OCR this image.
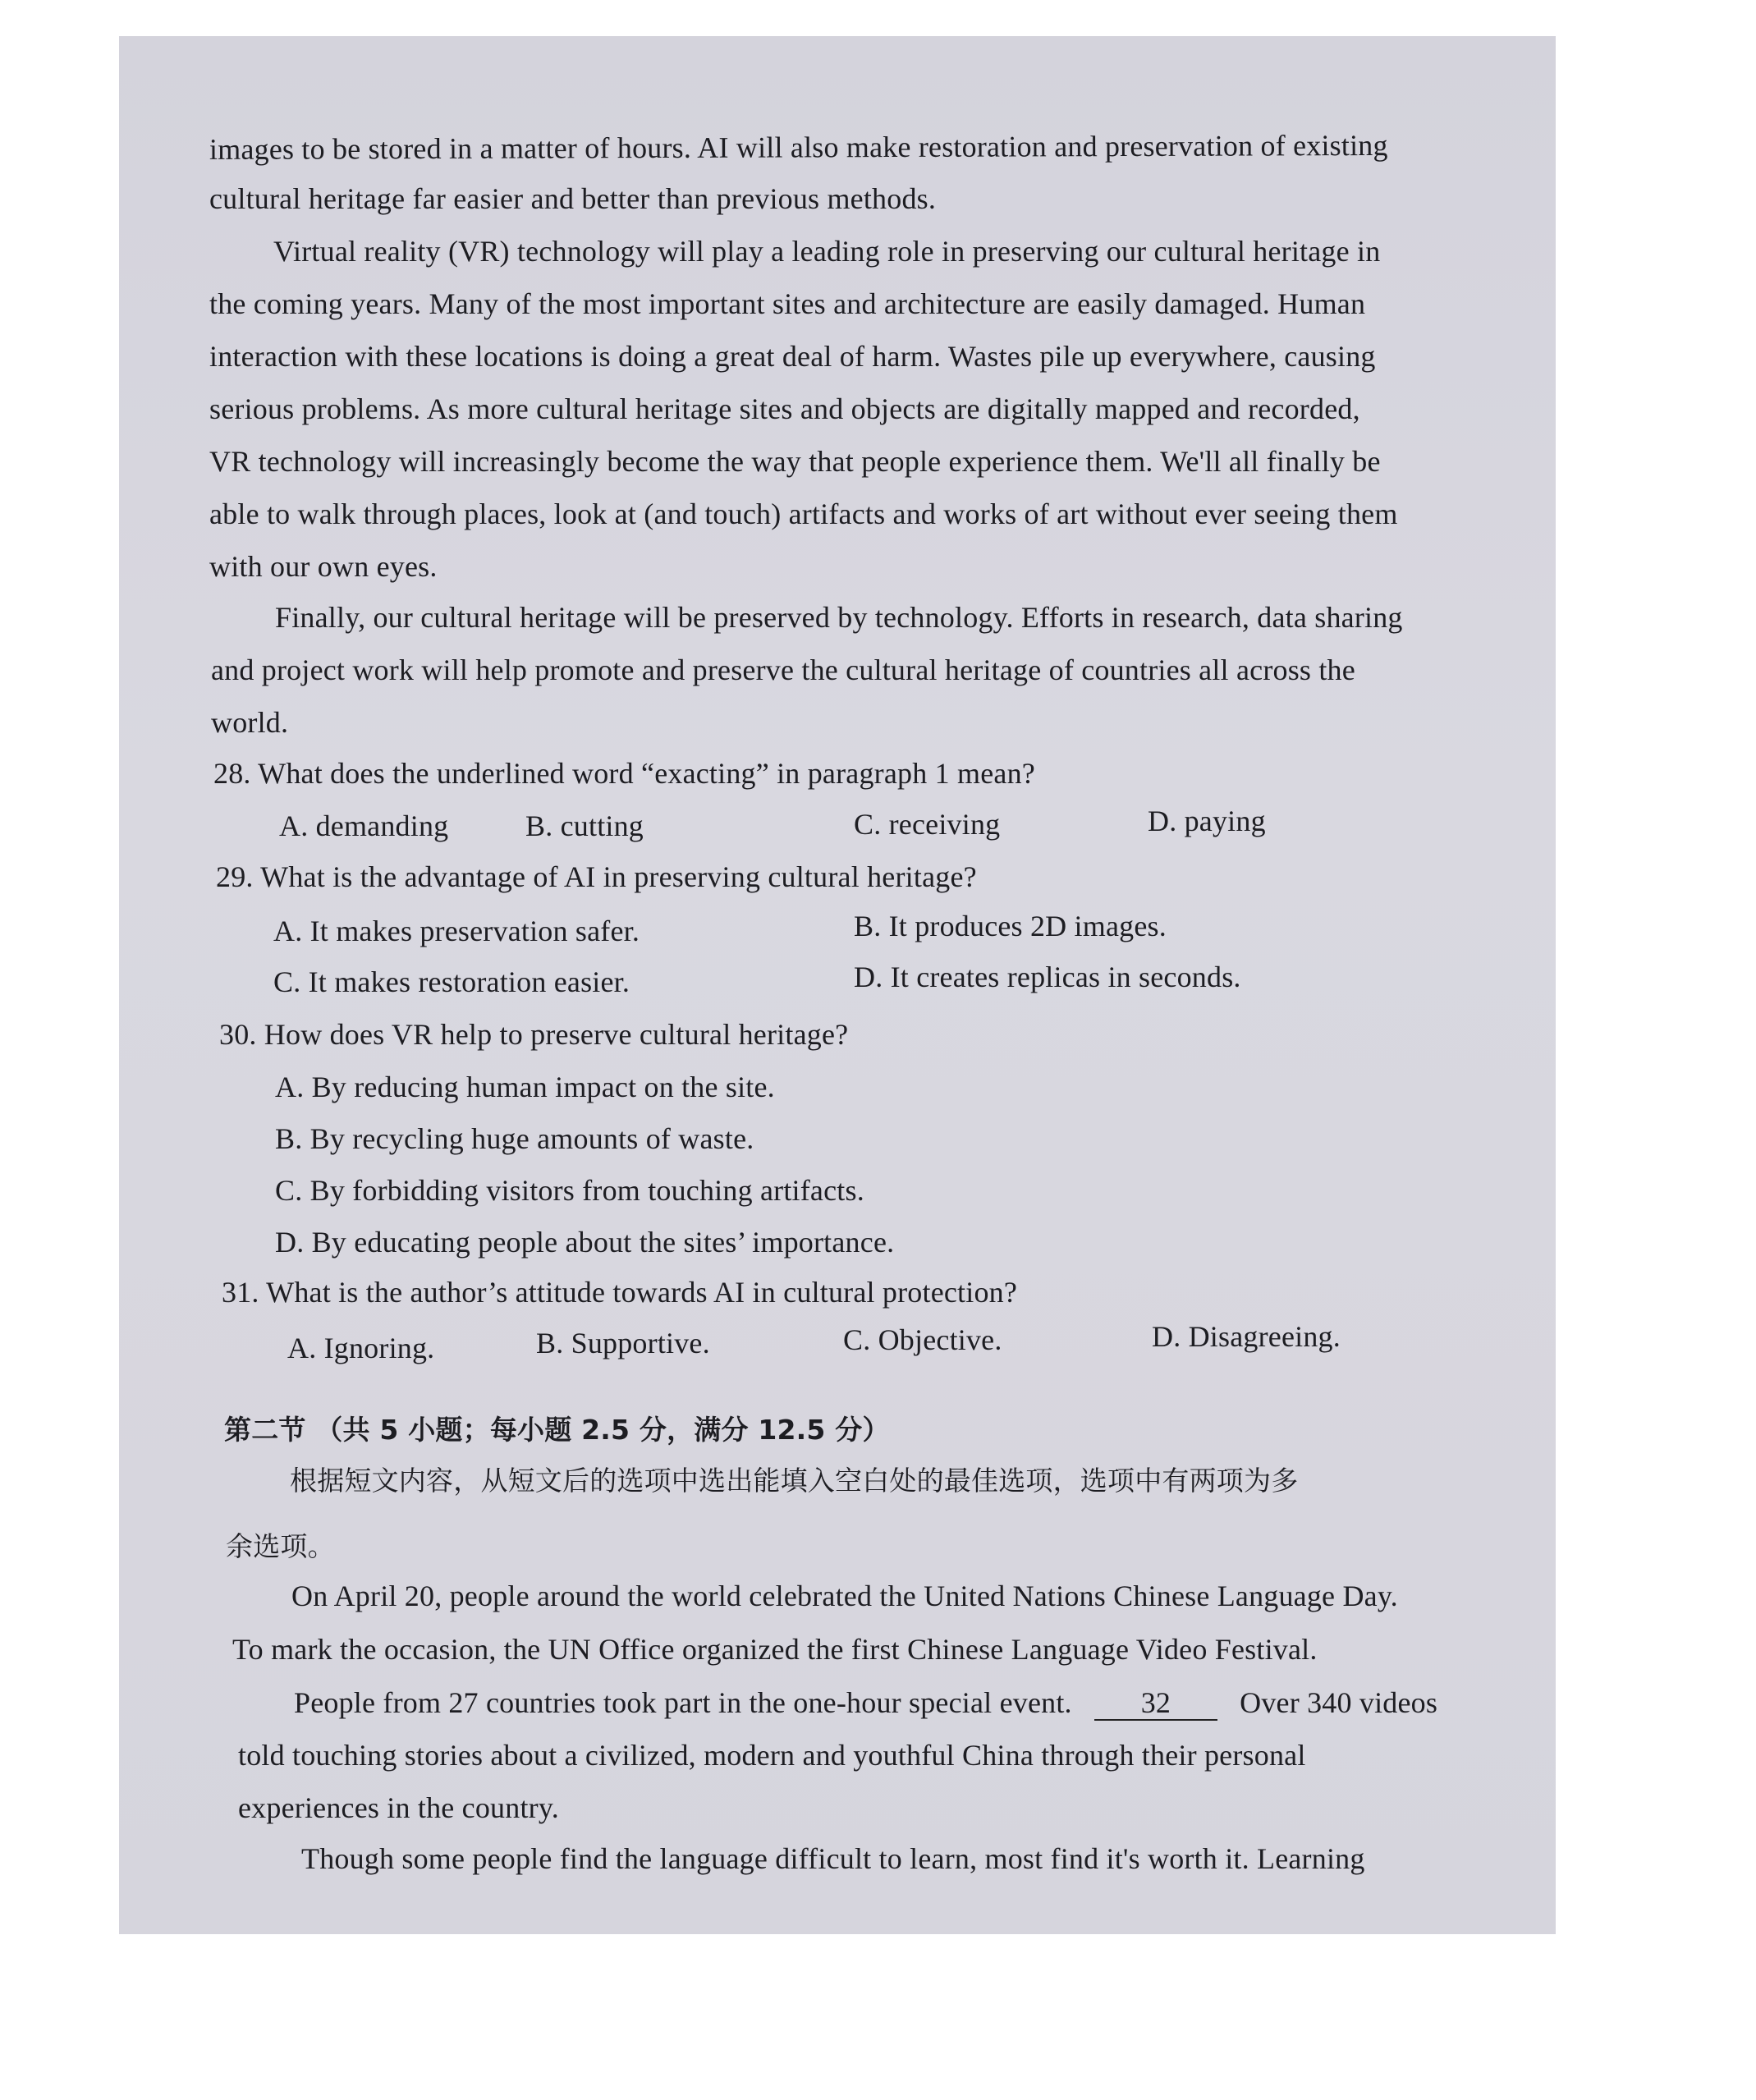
images to be stored in a matter of hours. AI will also make restoration and preservation of existing
cultural heritage far easier and better than previous methods.
Virtual reality (VR) technology will play a leading role in preserving our cultural heritage in
the coming years. Many of the most important sites and architecture are easily damaged. Human
interaction with these locations is doing a great deal of harm. Wastes pile up everywhere, causing
serious problems. As more cultural heritage sites and objects are digitally mapped and recorded,
VR technology will increasingly become the way that people experience them. We'll all finally be
able to walk through places, look at (and touch) artifacts and works of art without ever seeing them
with our own eyes.
Finally, our cultural heritage will be preserved by technology. Efforts in research, data sharing
and project work will help promote and preserve the cultural heritage of countries all across the
world.
28. What does the underlined word “exacting” in paragraph 1 mean?
A. demanding	B. cutting	C. receiving	D. paying
29. What is the advantage of AI in preserving cultural heritage?
A. It makes preservation safer.	B. It produces 2D images.
C. It makes restoration easier.	D. It creates replicas in seconds.
30. How does VR help to preserve cultural heritage?
A. By reducing human impact on the site.
B. By recycling huge amounts of waste.
C. By forbidding visitors from touching artifacts.
D. By educating people about the sites’ importance.
31. What is the author’s attitude towards AI in cultural protection?
A. Ignoring.	B. Supportive.	C. Objective.	D. Disagreeing.
第二节 （共 5 小题；每小题 2.5 分，满分 12.5 分）
根据短文内容，从短文后的选项中选出能填入空白处的最佳选项，选项中有两项为多
余选项。
On April 20, people around the world celebrated the United Nations Chinese Language Day.
To mark the occasion, the UN Office organized the first Chinese Language Video Festival.
People from 27 countries took part in the one-hour special event. 32 Over 340 videos
told touching stories about a civilized, modern and youthful China through their personal
experiences in the country.
Though some people find the language difficult to learn, most find it's worth it. Learning
